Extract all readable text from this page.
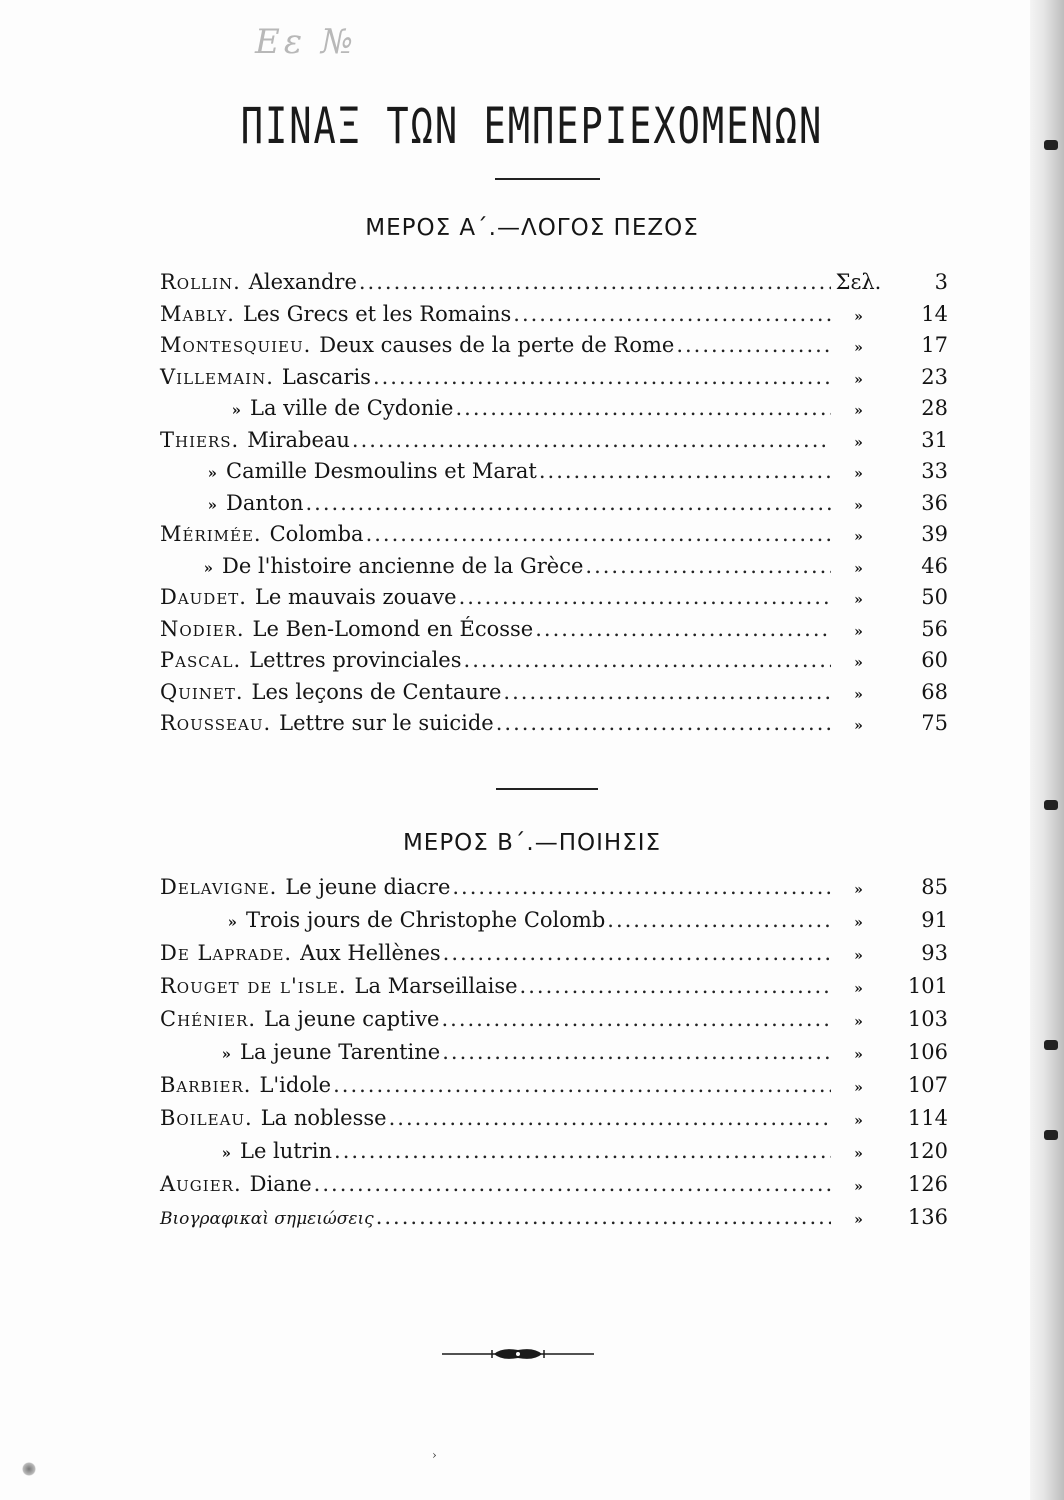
Eε №
ΠΙΝΑΞ ΤΩΝ ΕΜΠΕΡΙΕΧΟΜΕΝΩΝ
ΜΕΡΟΣ Α΄.—ΛΟΓΟΣ ΠΕΖΟΣ
Rollin. Alexandre .....	Σελ.	3
Mably. Les Grecs et les Romains .....	»	14
Montesquieu. Deux causes de la perte de Rome .....	»	17
Villemain. Lascaris .....	»	23
» La ville de Cydonie .....	»	28
Thiers. Mirabeau .....	»	31
» Camille Desmoulins et Marat .....	»	33
» Danton .....	»	36
Mérimée. Colomba .....	»	39
» De l'histoire ancienne de la Grèce .....	»	46
Daudet. Le mauvais zouave .....	»	50
Nodier. Le Ben-Lomond en Écosse .....	»	56
Pascal. Lettres provinciales .....	»	60
Quinet. Les leçons de Centaure .....	»	68
Rousseau. Lettre sur le suicide .....	»	75
ΜΕΡΟΣ Β΄.—ΠΟΙΗΣΙΣ
Delavigne. Le jeune diacre .....	»	85
» Trois jours de Christophe Colomb .....	»	91
De Laprade. Aux Hellènes .....	»	93
Rouget de l'isle. La Marseillaise .....	»	101
Chénier. La jeune captive .....	»	103
» La jeune Tarentine .....	»	106
Barbier. L'idole .....	»	107
Boileau. La noblesse .....	»	114
» Le lutrin .....	»	120
Augier. Diane .....	»	126
Βιογραφικαὶ σημειώσεις .....	»	136
›
